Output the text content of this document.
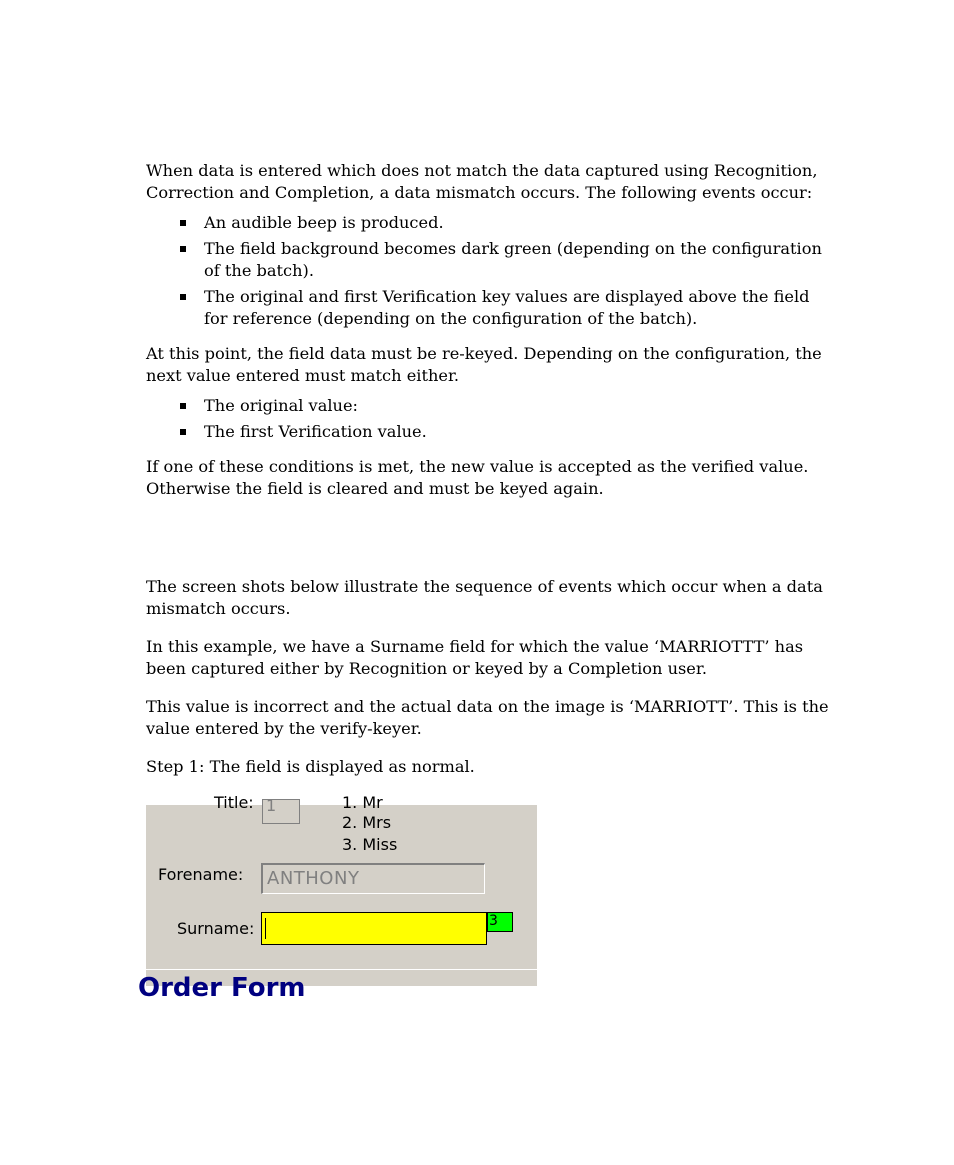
When data is entered which does not match the data captured using Recognition, Correction and Completion, a data mismatch occurs. The following events occur:

An audible beep is produced.
The field background becomes dark green (depending on the configuration of the batch).
The original and first Verification key values are displayed above the field for reference (depending on the configuration of the batch).

At this point, the field data must be re-keyed. Depending on the configuration, the next value entered must match either.

The original value:
The first Verification value.

If one of these conditions is met, the new value is accepted as the verified value. Otherwise the field is cleared and must be keyed again.

The screen shots below illustrate the sequence of events which occur when a data mismatch occurs.

In this example, we have a Surname field for which the value ‘MARRIOTTT’ has been captured either by Recognition or keyed by a Completion user.

This value is incorrect and the actual data on the image is ‘MARRIOTT’. This is the value entered by the verify-keyer.

Step 1: The field is displayed as normal.

Title: 1	1. Mr
2. Mrs
3. Miss
Forename:	ANTHONY
Surname:	3
Order Form
